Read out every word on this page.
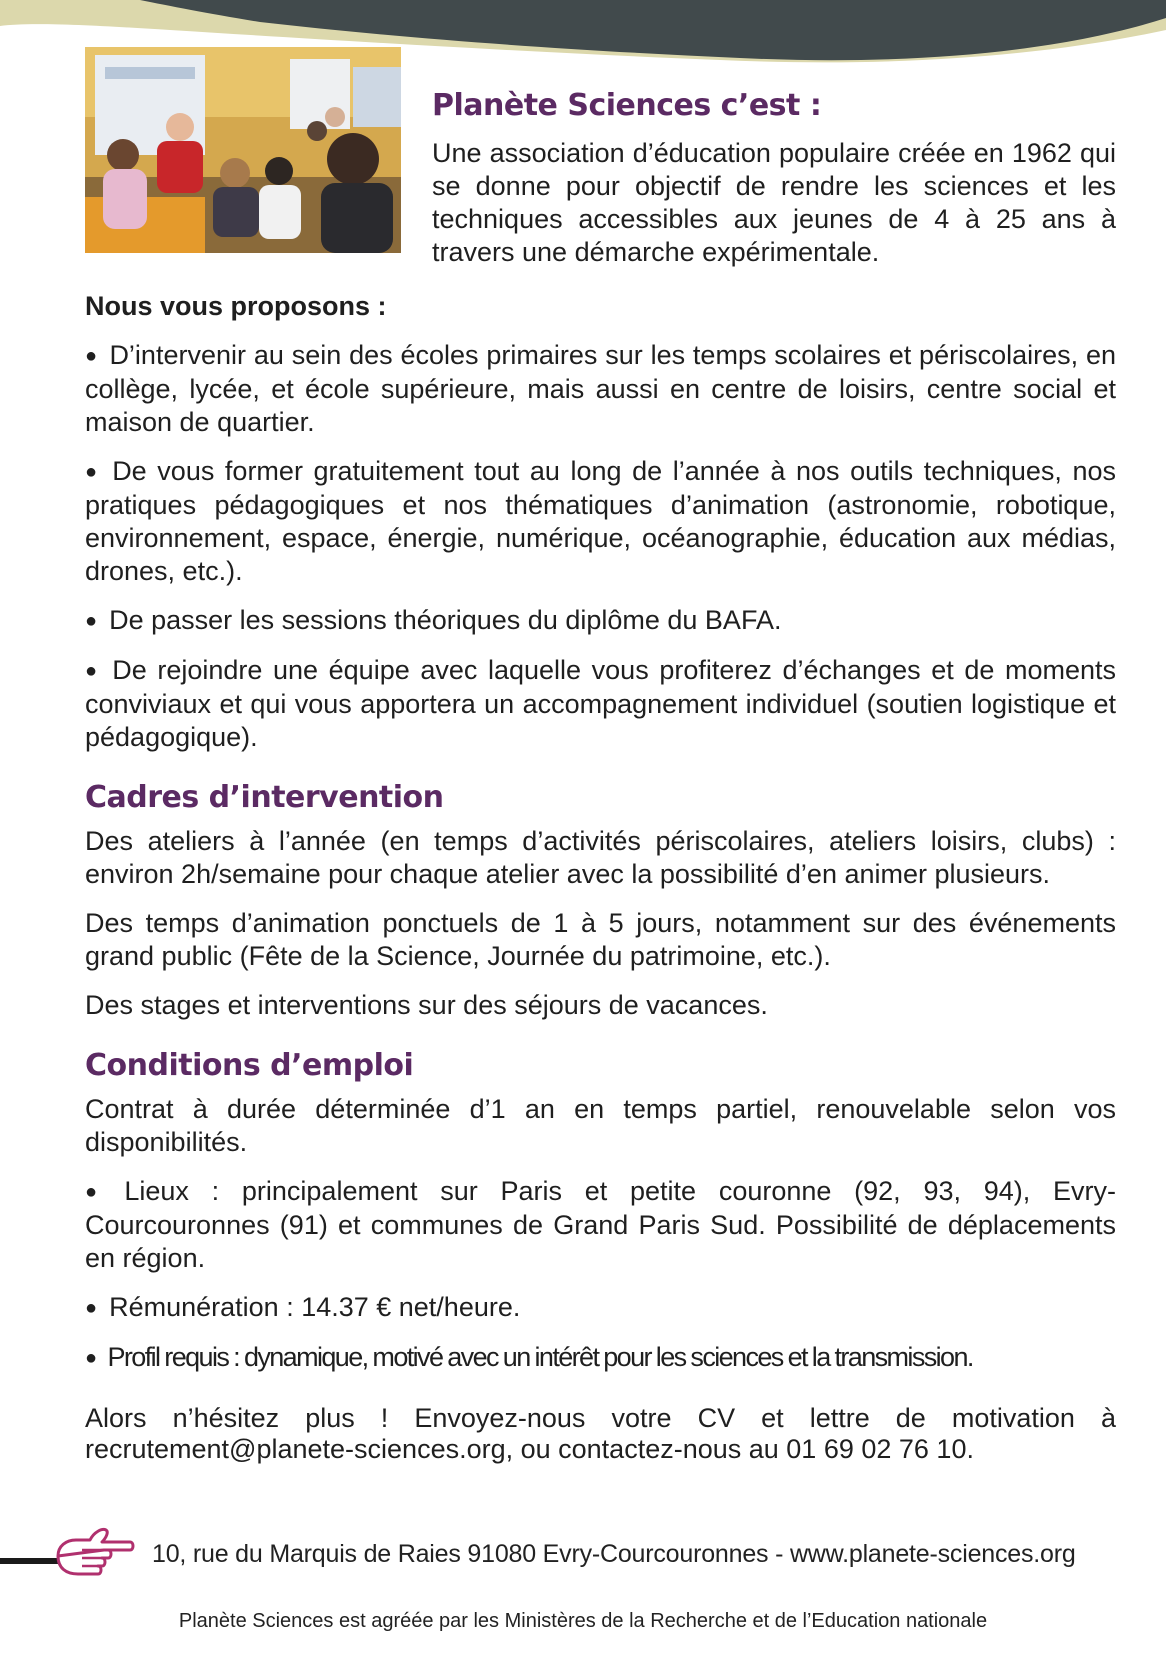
Planète Sciences c’est :

Une association d’éducation populaire créée en 1962 qui se donne pour objectif de rendre les sciences et les techniques accessibles aux jeunes de 4 à 25 ans à travers une démarche expérimentale.

Nous vous proposons :

● D’intervenir au sein des écoles primaires sur les temps scolaires et périscolaires, en collège, lycée, et école supérieure, mais aussi en centre de loisirs, centre social et maison de quartier.

● De vous former gratuitement tout au long de l’année à nos outils techniques, nos pratiques pédagogiques et nos thématiques d’animation (astronomie, robotique, environnement, espace, énergie, numérique, océanographie, éducation aux médias, drones, etc.).

● De passer les sessions théoriques du diplôme du BAFA.

● De rejoindre une équipe avec laquelle vous profiterez d’échanges et de moments conviviaux et qui vous apportera un accompagnement individuel (soutien logistique et pédagogique).

Cadres d’intervention

Des ateliers à l’année (en temps d’activités périscolaires, ateliers loisirs, clubs) : environ 2h/semaine pour chaque atelier avec la possibilité d’en animer plusieurs.

Des temps d’animation ponctuels de 1 à 5 jours, notamment sur des événements grand public (Fête de la Science, Journée du patrimoine, etc.).

Des stages et interventions sur des séjours de vacances.

Conditions d’emploi

Contrat à durée déterminée d’1 an en temps partiel, renouvelable selon vos disponibilités.

● Lieux : principalement sur Paris et petite couronne (92, 93, 94), Evry-Courcouronnes (91) et communes de Grand Paris Sud. Possibilité de déplacements en région.

● Rémunération : 14.37 € net/heure.

● Profil requis : dynamique, motivé avec un intérêt pour les sciences et la transmission.

Alors n’hésitez plus ! Envoyez-nous votre CV et lettre de motivation à recrutement@planete-sciences.org, ou contactez-nous au 01 69 02 76 10.

10, rue du Marquis de Raies 91080 Evry-Courcouronnes - www.planete-sciences.org
Planète Sciences est agréée par les Ministères de la Recherche et de l’Education nationale
